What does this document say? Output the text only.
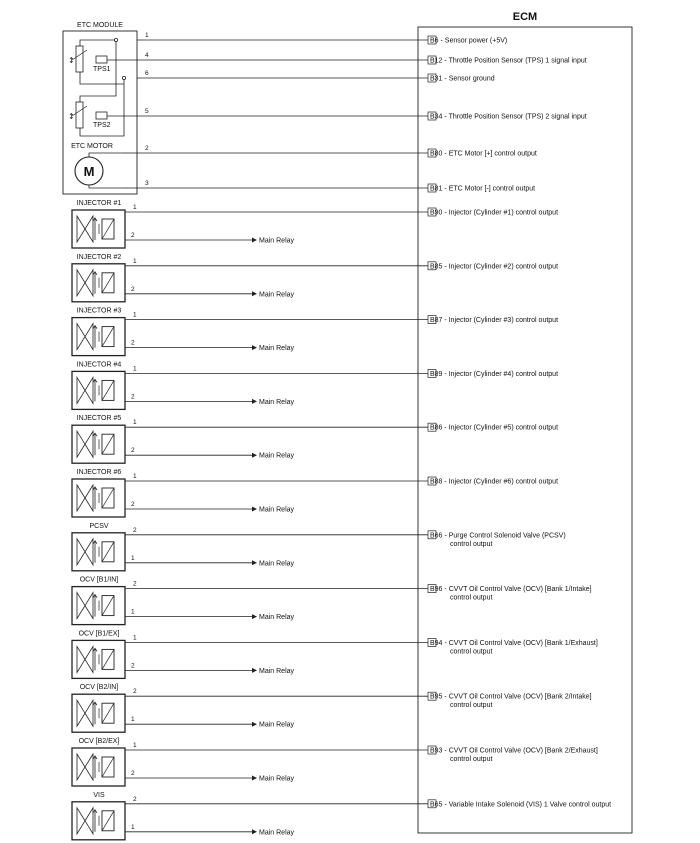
ECM
ETC MODULE
↕
TPS1
↕
TPS2
ETC MOTOR
M
1
B6 - Sensor power (+5V)
4
B12 - Throttle Position Sensor (TPS) 1 signal input
6
B31 - Sensor ground
5
B34 - Throttle Position Sensor (TPS) 2 signal input
2
B80 - ETC Motor [+] control output
3
B81 - ETC Motor [-] control output
INJECTOR #1
1
B90 - Injector (Cylinder #1) control output
2
Main Relay
INJECTOR #2
1
B85 - Injector (Cylinder #2) control output
2
Main Relay
INJECTOR #3
1
B87 - Injector (Cylinder #3) control output
2
Main Relay
INJECTOR #4
1
B89 - Injector (Cylinder #4) control output
2
Main Relay
INJECTOR #5
1
B86 - Injector (Cylinder #5) control output
2
Main Relay
INJECTOR #6
1
B88 - Injector (Cylinder #6) control output
2
Main Relay
PCSV
2
B66 - Purge Control Solenoid Valve (PCSV)
control output
1
Main Relay
OCV [B1/IN]
2
B96 - CVVT Oil Control Valve (OCV) [Bank 1/Intake]
control output
1
Main Relay
OCV [B1/EX]
1
B94 - CVVT Oil Control Valve (OCV) [Bank 1/Exhaust]
control output
2
Main Relay
OCV [B2/IN]
2
B95 - CVVT Oil Control Valve (OCV) [Bank 2/Intake]
control output
1
Main Relay
OCV [B2/EX]
1
B93 - CVVT Oil Control Valve (OCV) [Bank 2/Exhaust]
control output
2
Main Relay
VIS
2
B65 - Variable Intake Solenoid (VIS) 1 Valve control output
1
Main Relay
